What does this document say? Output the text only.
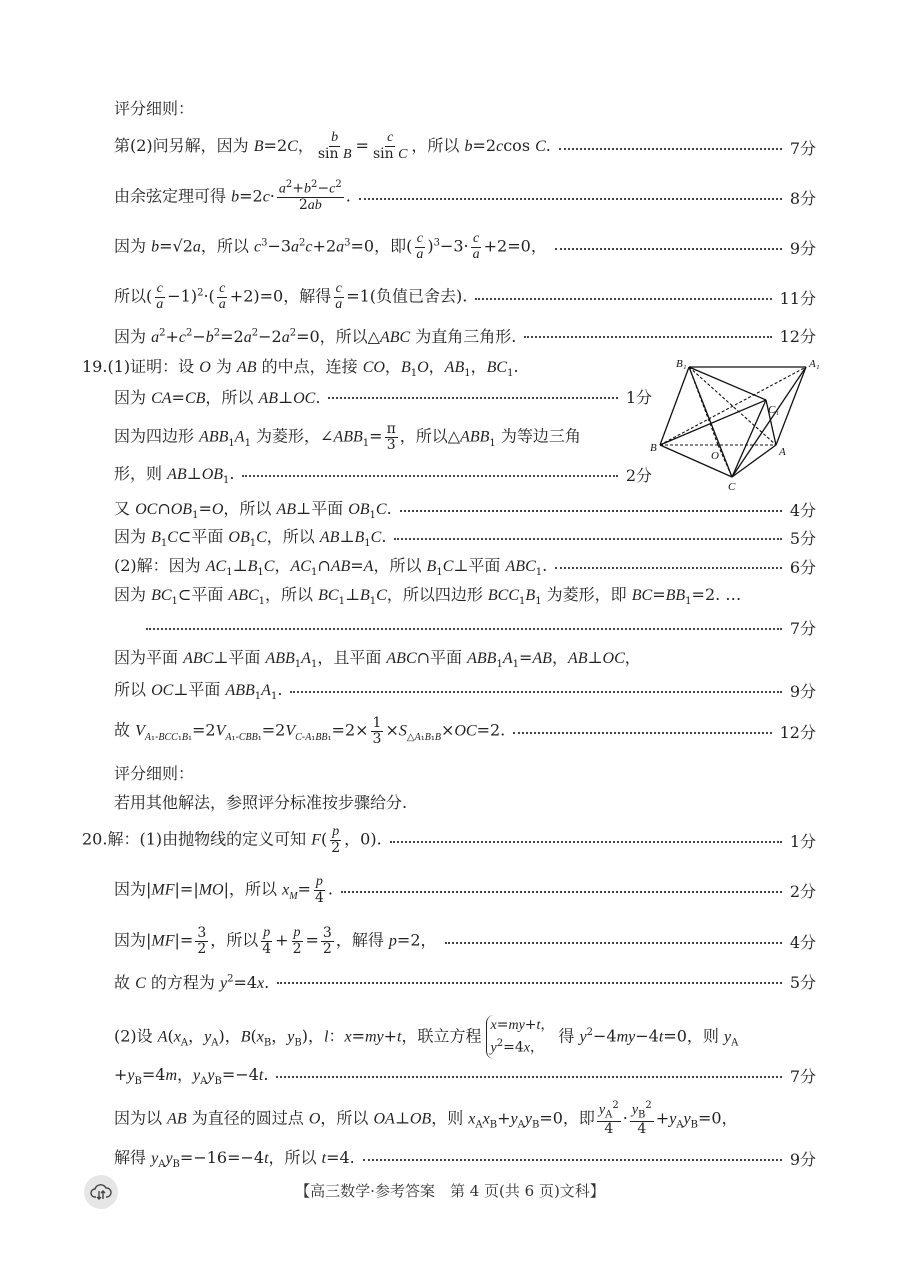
评分细则：
第(2)问另解，因为 B=2C， $\frac{b}{\text{sin B}} = \frac{c}{\text{sin C}}$ ，所以 b=2ccos C.	7分
由余弦定理可得 $b=2c\cdot \frac{a^2+b^2-c^2}{2ab}$ .	8分
因为 b=√2a，所以 $c^3-3a^2c+2a^3=0$，即( $\frac{c}{a} )^3-3\cdot \frac{c}{a} +2=0$，	9分
所以( $\frac{c}{a} -1)^2\cdot( \frac{c}{a} +2)=0$，解得 $\frac{c}{a} =1$(负值已舍去).	11分
因为 $a^2+c^2-b^2=2a^2-2a^2=0$，所以△ABC 为直角三角形.	12分
19.(1)证明：设 O 为 AB 的中点，连接 CO，$B_1O$，$AB_1$，$BC_1$.
因为 CA=CB，所以 AB⊥OC.	1分
因为四边形 $ABB_1A_1$ 为菱形，$\angle ABB_1= \frac{\pi}{3}$ ，所以$\triangle ABB_1$ 为等边三角
形，则 $AB\perp OB_1$.	2分
B₁	A₁
C₁
B
O	A
C
又 $OC\cap OB_1=O$，所以 AB⊥平面 $OB_1C$.	4分
因为 $B_1C\subset$平面 $OB_1C$，所以 $AB\perp B_1C$.	5分
(2)解：因为 $AC_1\perp B_1C$，$AC_1\cap AB=A$，所以 $B_1C\perp$平面 $ABC_1$.	6分
因为 $BC_1\subset$平面 $ABC_1$，所以 $BC_1\perp B_1C$，所以四边形 $BCC_1B_1$ 为菱形，即 $BC=BB_1=2$. …
7分
因为平面 ABC⊥平面 $ABB_1A_1$，且平面 ABC∩平面 $ABB_1A_1=AB$，AB⊥OC，
所以 OC⊥平面 $ABB_1A_1$.	9分
故 $V_{A_1-BCC_1B_1}=2V_{A_1-CBB_1}=2V_{C-A_1BB_1}=2\times \frac{1}{3} \times S_{\triangle A_1B_1B}\times OC=2$.	12分
评分细则：
若用其他解法，参照评分标准按步骤给分.
20.解：(1)由抛物线的定义可知 $F( \frac{p}{2}$ ，0).	1分
因为|MF|=|MO|，所以 $x_M= \frac{p}{4}$ .	2分
因为$|MF|= \frac{3}{2}$ ，所以 $\frac{p}{4} + \frac{p}{2} = \frac{3}{2}$ ，解得 p=2，	4分
故 C 的方程为 $y^2=4x$.	5分
(2)设 $A(x_A$，$y_A$)，$B(x_B$，$y_B$)，l：x=my+t，联立方程
x=my+t，
$y^2=4x$，
得 $y^2-4my-4t=0$，则 $y_A$
$+y_B=4m$，$y_Ay_B=-4t$.	7分
因为以 AB 为直径的圆过点 O，所以 OA⊥OB，则 $x_Ax_B+y_Ay_B=0$，即 $\frac{y_A^2}{4} \cdot \frac{y_B^2}{4} +y_Ay_B=0$，
解得 $y_Ay_B=-16=-4t$，所以 t=4.	9分
【高三数学·参考答案　第 4 页(共 6 页)文科】
